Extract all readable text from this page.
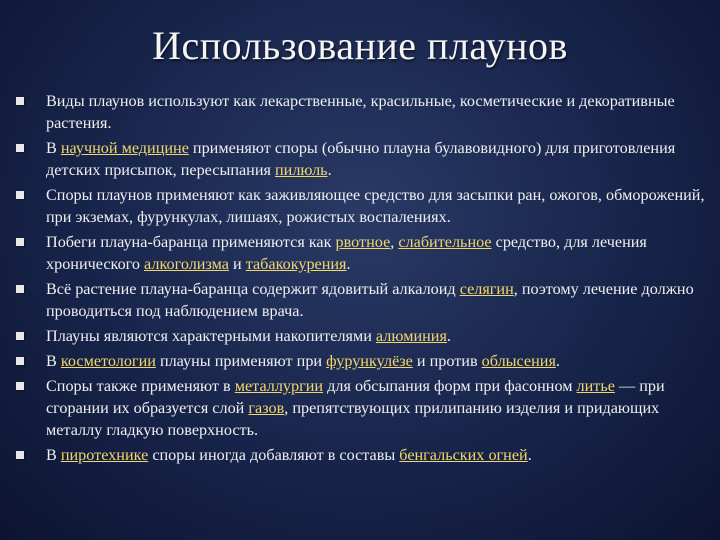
Использование плаунов
Виды плаунов используют как лекарственные, красильные, косметические и декоративные растения.
В научной медицине применяют споры (обычно плауна булавовидного) для приготовления детских присыпок, пересыпания пилюль.
Споры плаунов применяют как заживляющее средство для засыпки ран, ожогов, обморожений, при экземах, фурункулах, лишаях, рожистых воспалениях.
Побеги плауна-баранца применяются как рвотное, слабительное средство, для лечения хронического алкоголизма и табакокурения.
Всё растение плауна-баранца содержит ядовитый алкалоид селягин, поэтому лечение должно проводиться под наблюдением врача.
Плауны являются характерными накопителями алюминия.
В косметологии плауны применяют при фурункулёзе и против облысения.
Споры также применяют в металлургии для обсыпания форм при фасонном литье — при сгорании их образуется слой газов, препятствующих прилипанию изделия и придающих металлу гладкую поверхность.
В пиротехнике споры иногда добавляют в составы бенгальских огней.
